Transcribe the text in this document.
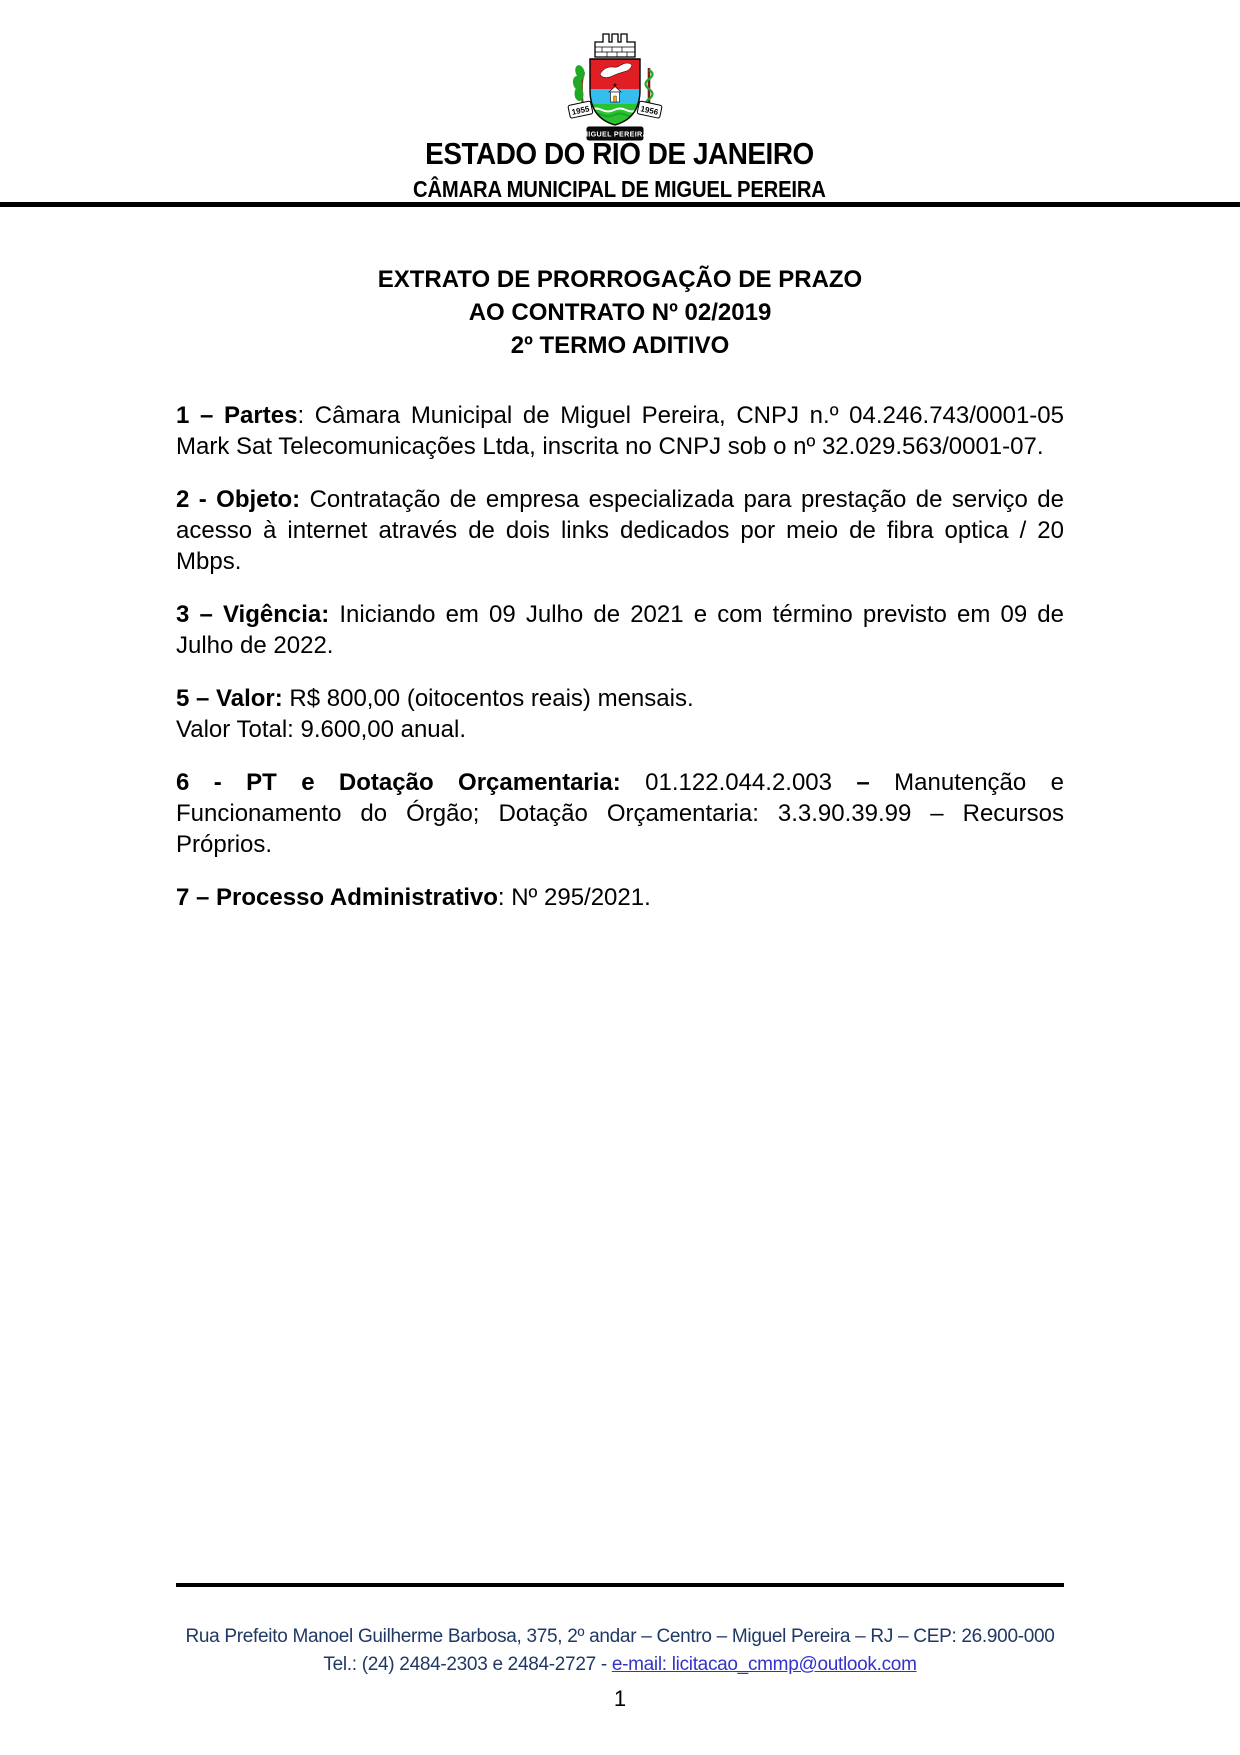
1955	1956
MIGUEL PEREIRA
ESTADO DO RIO DE JANEIRO
CÂMARA MUNICIPAL DE MIGUEL PEREIRA
EXTRATO DE PRORROGAÇÃO DE PRAZO
AO CONTRATO Nº 02/2019
2º TERMO ADITIVO

1 – Partes: Câmara Municipal de Miguel Pereira, CNPJ n.º 04.246.743/0001-05 Mark Sat Telecomunicações Ltda, inscrita no CNPJ sob o nº 32.029.563/0001-07.

2 - Objeto: Contratação de empresa especializada para prestação de serviço de acesso à internet através de dois links dedicados por meio de fibra optica / 20 Mbps.

3 – Vigência: Iniciando em 09 Julho de 2021 e com término previsto em 09 de Julho de 2022.

5 – Valor: R$ 800,00 (oitocentos reais) mensais.
Valor Total: 9.600,00 anual.

6 - PT e Dotação Orçamentaria: 01.122.044.2.003 – Manutenção e Funcionamento do Órgão; Dotação Orçamentaria: 3.3.90.39.99 – Recursos Próprios.

7 – Processo Administrativo: Nº 295/2021.

Rua Prefeito Manoel Guilherme Barbosa, 375, 2º andar – Centro – Miguel Pereira – RJ – CEP: 26.900-000
Tel.: (24) 2484-2303 e 2484-2727 - e-mail: licitacao_cmmp@outlook.com
1
